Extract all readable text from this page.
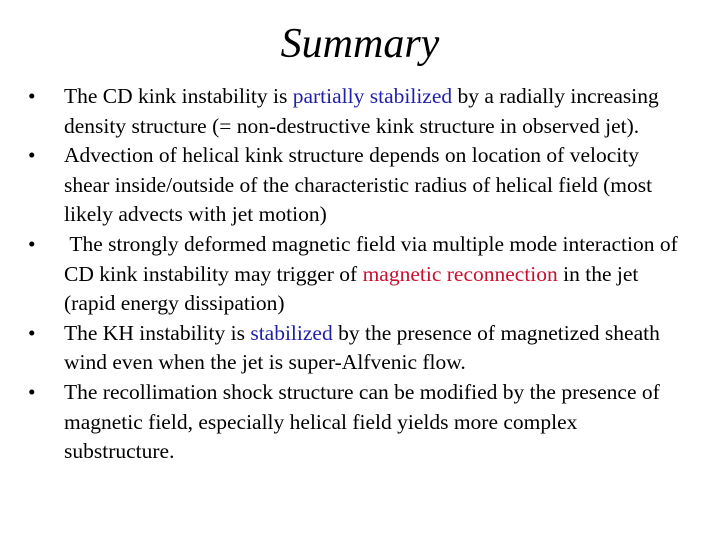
Summary
•	The CD kink instability is partially stabilized by a radially increasing density structure (= non-destructive kink structure in observed jet).
•	Advection of helical kink structure depends on location of velocity shear inside/outside of the characteristic radius of helical field (most likely advects with jet motion)
•	The strongly deformed magnetic field via multiple mode interaction of CD kink instability may trigger of magnetic reconnection in the jet (rapid energy dissipation)
•	The KH instability is stabilized by the presence of magnetized sheath wind even when the jet is super-Alfvenic flow.
•	The recollimation shock structure can be modified by the presence of magnetic field, especially helical field yields more complex substructure.
